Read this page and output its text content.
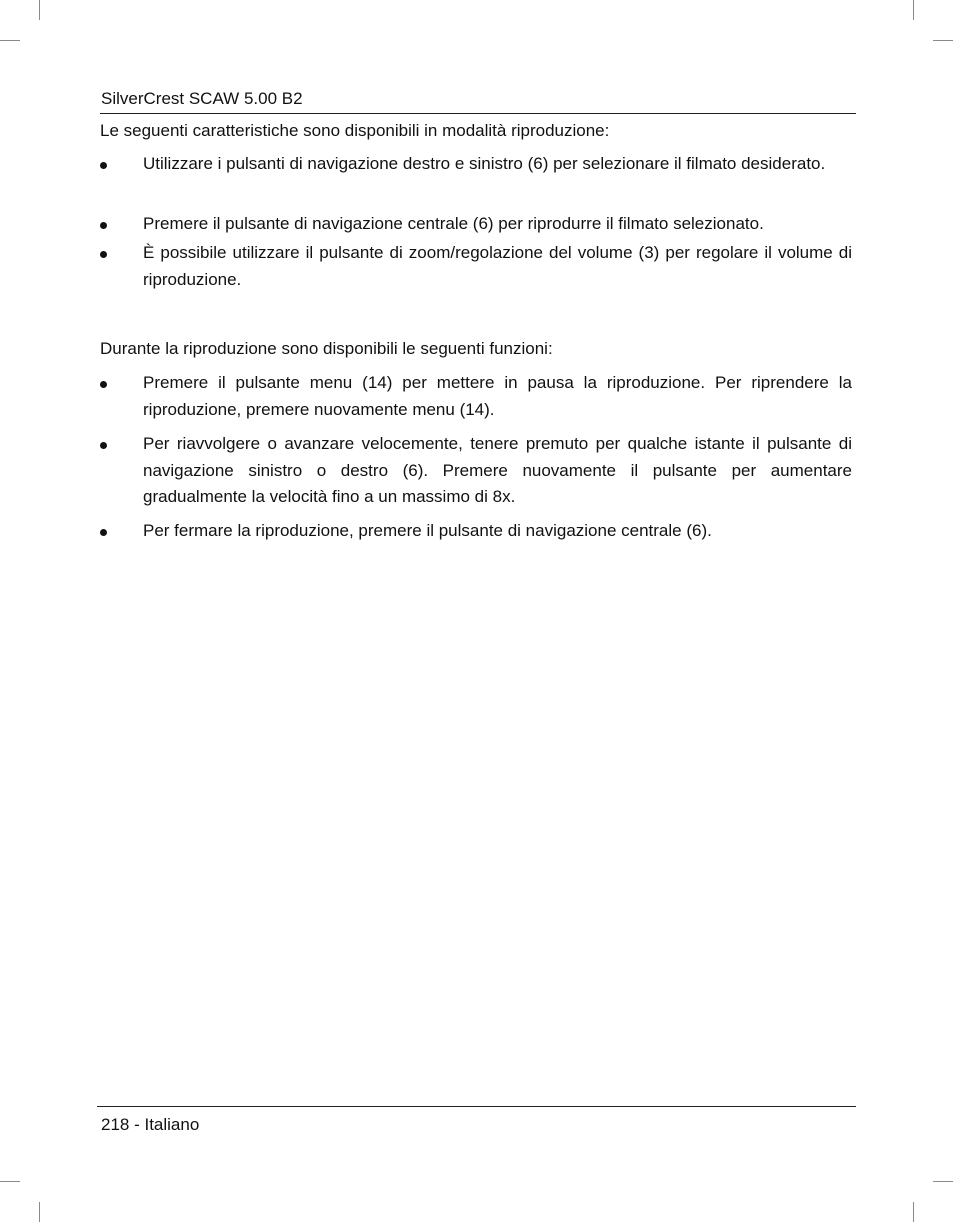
SilverCrest SCAW 5.00 B2
Le seguenti caratteristiche sono disponibili in modalità riproduzione:
Utilizzare i pulsanti di navigazione destro e sinistro (6) per selezionare il filmato desiderato.
Premere il pulsante di navigazione centrale (6) per riprodurre il filmato selezionato.
È possibile utilizzare il pulsante di zoom/regolazione del volume (3) per regolare il volume di riproduzione.
Durante la riproduzione sono disponibili le seguenti funzioni:
Premere il pulsante menu (14) per mettere in pausa la riproduzione. Per riprendere la riproduzione, premere nuovamente menu (14).
Per riavvolgere o avanzare velocemente, tenere premuto per qualche istante il pulsante di navigazione sinistro o destro (6). Premere nuovamente il pulsante per aumentare gradualmente la velocità fino a un massimo di 8x.
Per fermare la riproduzione, premere il pulsante di navigazione centrale (6).
218 - Italiano
